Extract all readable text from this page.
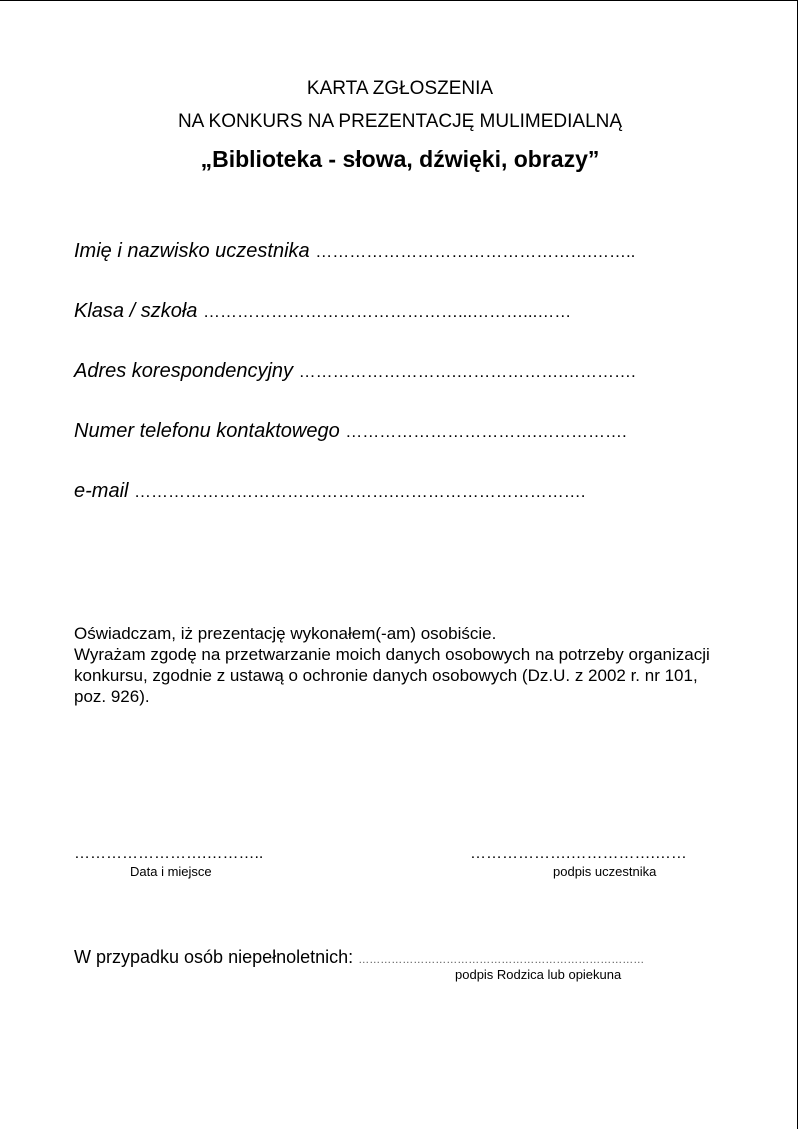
KARTA ZGŁOSZENIA
NA KONKURS NA PREZENTACJĘ MULIMEDIALNĄ
„Biblioteka - słowa, dźwięki, obrazy”
Imię i nazwisko uczestnika ………………………………………….……..
Klasa / szkoła ………………………………………...………...……
Adres korespondencyjny ……………………….……………….………….
Numer telefonu kontaktowego …………………………….…………….
e-mail ……………………………………….…………………………….

Oświadczam, iż prezentację wykonałem(-am) osobiście.

Wyrażam zgodę na przetwarzanie moich danych osobowych na potrzeby organizacji konkursu, zgodnie z ustawą o ochronie danych osobowych (Dz.U. z 2002 r. nr 101, poz. 926).

…………………….………..
Data i miejsce
……………….…………….……
podpis uczestnika
W przypadku osób niepełnoletnich: ……………………………………………………………………
podpis Rodzica lub opiekuna
